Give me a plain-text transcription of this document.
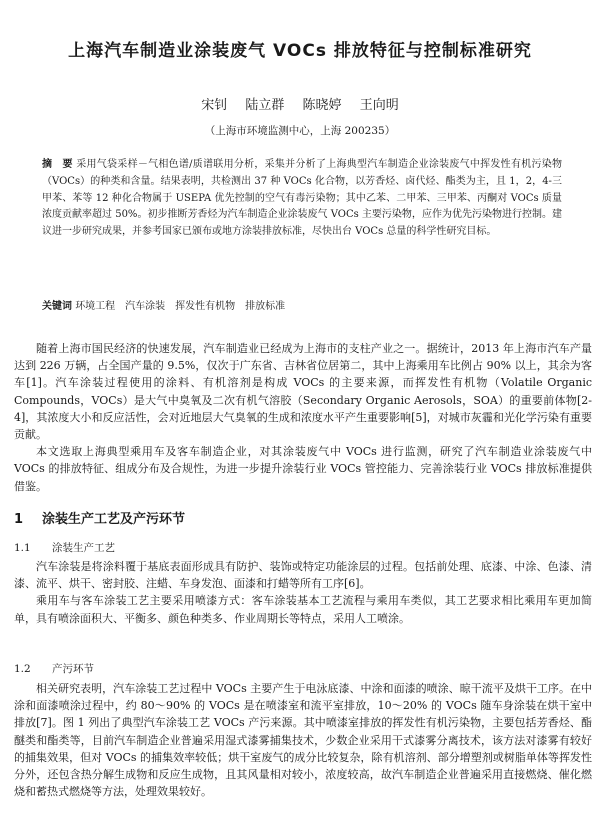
上海汽车制造业涂装废气 VOCs 排放特征与控制标准研究
宋钊 陆立群 陈晓婷 王向明
（上海市环境监测中心，上海 200235）
摘　要 采用气袋采样－气相色谱/质谱联用分析，采集并分析了上海典型汽车制造企业涂装废气中挥发性有机污染物（VOCs）的种类和含量。结果表明，共检测出 37 种 VOCs 化合物，以芳香烃、卤代烃、酯类为主，且 1，2，4-三甲苯、苯等 12 种化合物属于 USEPA 优先控制的空气有毒污染物；其中乙苯、二甲苯、三甲苯、丙酮对 VOCs 质量浓度贡献率超过 50%。初步推断芳香烃为汽车制造企业涂装废气 VOCs 主要污染物，应作为优先污染物进行控制。建议进一步研究成果，并参考国家已颁布或地方涂装排放标准，尽快出台 VOCs 总量的科学性研究目标。
关键词 环境工程　汽车涂装　挥发性有机物　排放标准

随着上海市国民经济的快速发展，汽车制造业已经成为上海市的支柱产业之一。据统计，2013 年上海市汽车产量达到 226 万辆，占全国产量的 9.5%，仅次于广东省、吉林省位居第二，其中上海乘用车比例占 90% 以上，其余为客车[1]。汽车涂装过程使用的涂料、有机溶剂是构成 VOCs 的主要来源，而挥发性有机物（Volatile Organic Compounds，VOCs）是大气中臭氧及二次有机气溶胶（Secondary Organic Aerosols，SOA）的重要前体物[2-4]，其浓度大小和反应活性，会对近地层大气臭氧的生成和浓度水平产生重要影响[5]，对城市灰霾和光化学污染有重要贡献。

本文选取上海典型乘用车及客车制造企业，对其涂装废气中 VOCs 进行监测，研究了汽车制造业涂装废气中 VOCs 的排放特征、组成分布及合规性，为进一步提升涂装行业 VOCs 管控能力、完善涂装行业 VOCs 排放标准提供借鉴。

1 涂装生产工艺及产污环节
1.1 涂装生产工艺

汽车涂装是将涂料覆于基底表面形成具有防护、装饰或特定功能涂层的过程。包括前处理、底漆、中涂、色漆、清漆、流平、烘干、密封胶、注蜡、车身发泡、面漆和打蜡等所有工序[6]。

乘用车与客车涂装工艺主要采用喷漆方式：客车涂装基本工艺流程与乘用车类似，其工艺要求相比乘用车更加简单，具有喷涂面积大、平衡多、颜色种类多、作业周期长等特点，采用人工喷涂。

1.2 产污环节

相关研究表明，汽车涂装工艺过程中 VOCs 主要产生于电泳底漆、中涂和面漆的喷涂、晾干流平及烘干工序。在中涂和面漆喷涂过程中，约 80～90% 的 VOCs 是在喷漆室和流平室排放，10～20% 的 VOCs 随车身涂装在烘干室中排放[7]。图 1 列出了典型汽车涂装工艺 VOCs 产污来源。其中喷漆室排放的挥发性有机污染物，主要包括芳香烃、酯醚类和酯类等，目前汽车制造企业普遍采用湿式漆雾捕集技术，少数企业采用干式漆雾分离技术，该方法对漆雾有较好的捕集效果，但对 VOCs 的捕集效率较低；烘干室废气的成分比较复杂，除有机溶剂、部分增塑剂或树脂单体等挥发性分外，还包含热分解生成物和反应生成物，且其风量相对较小，浓度较高，故汽车制造企业普遍采用直接燃烧、催化燃烧和蓄热式燃烧等方法，处理效果较好。
